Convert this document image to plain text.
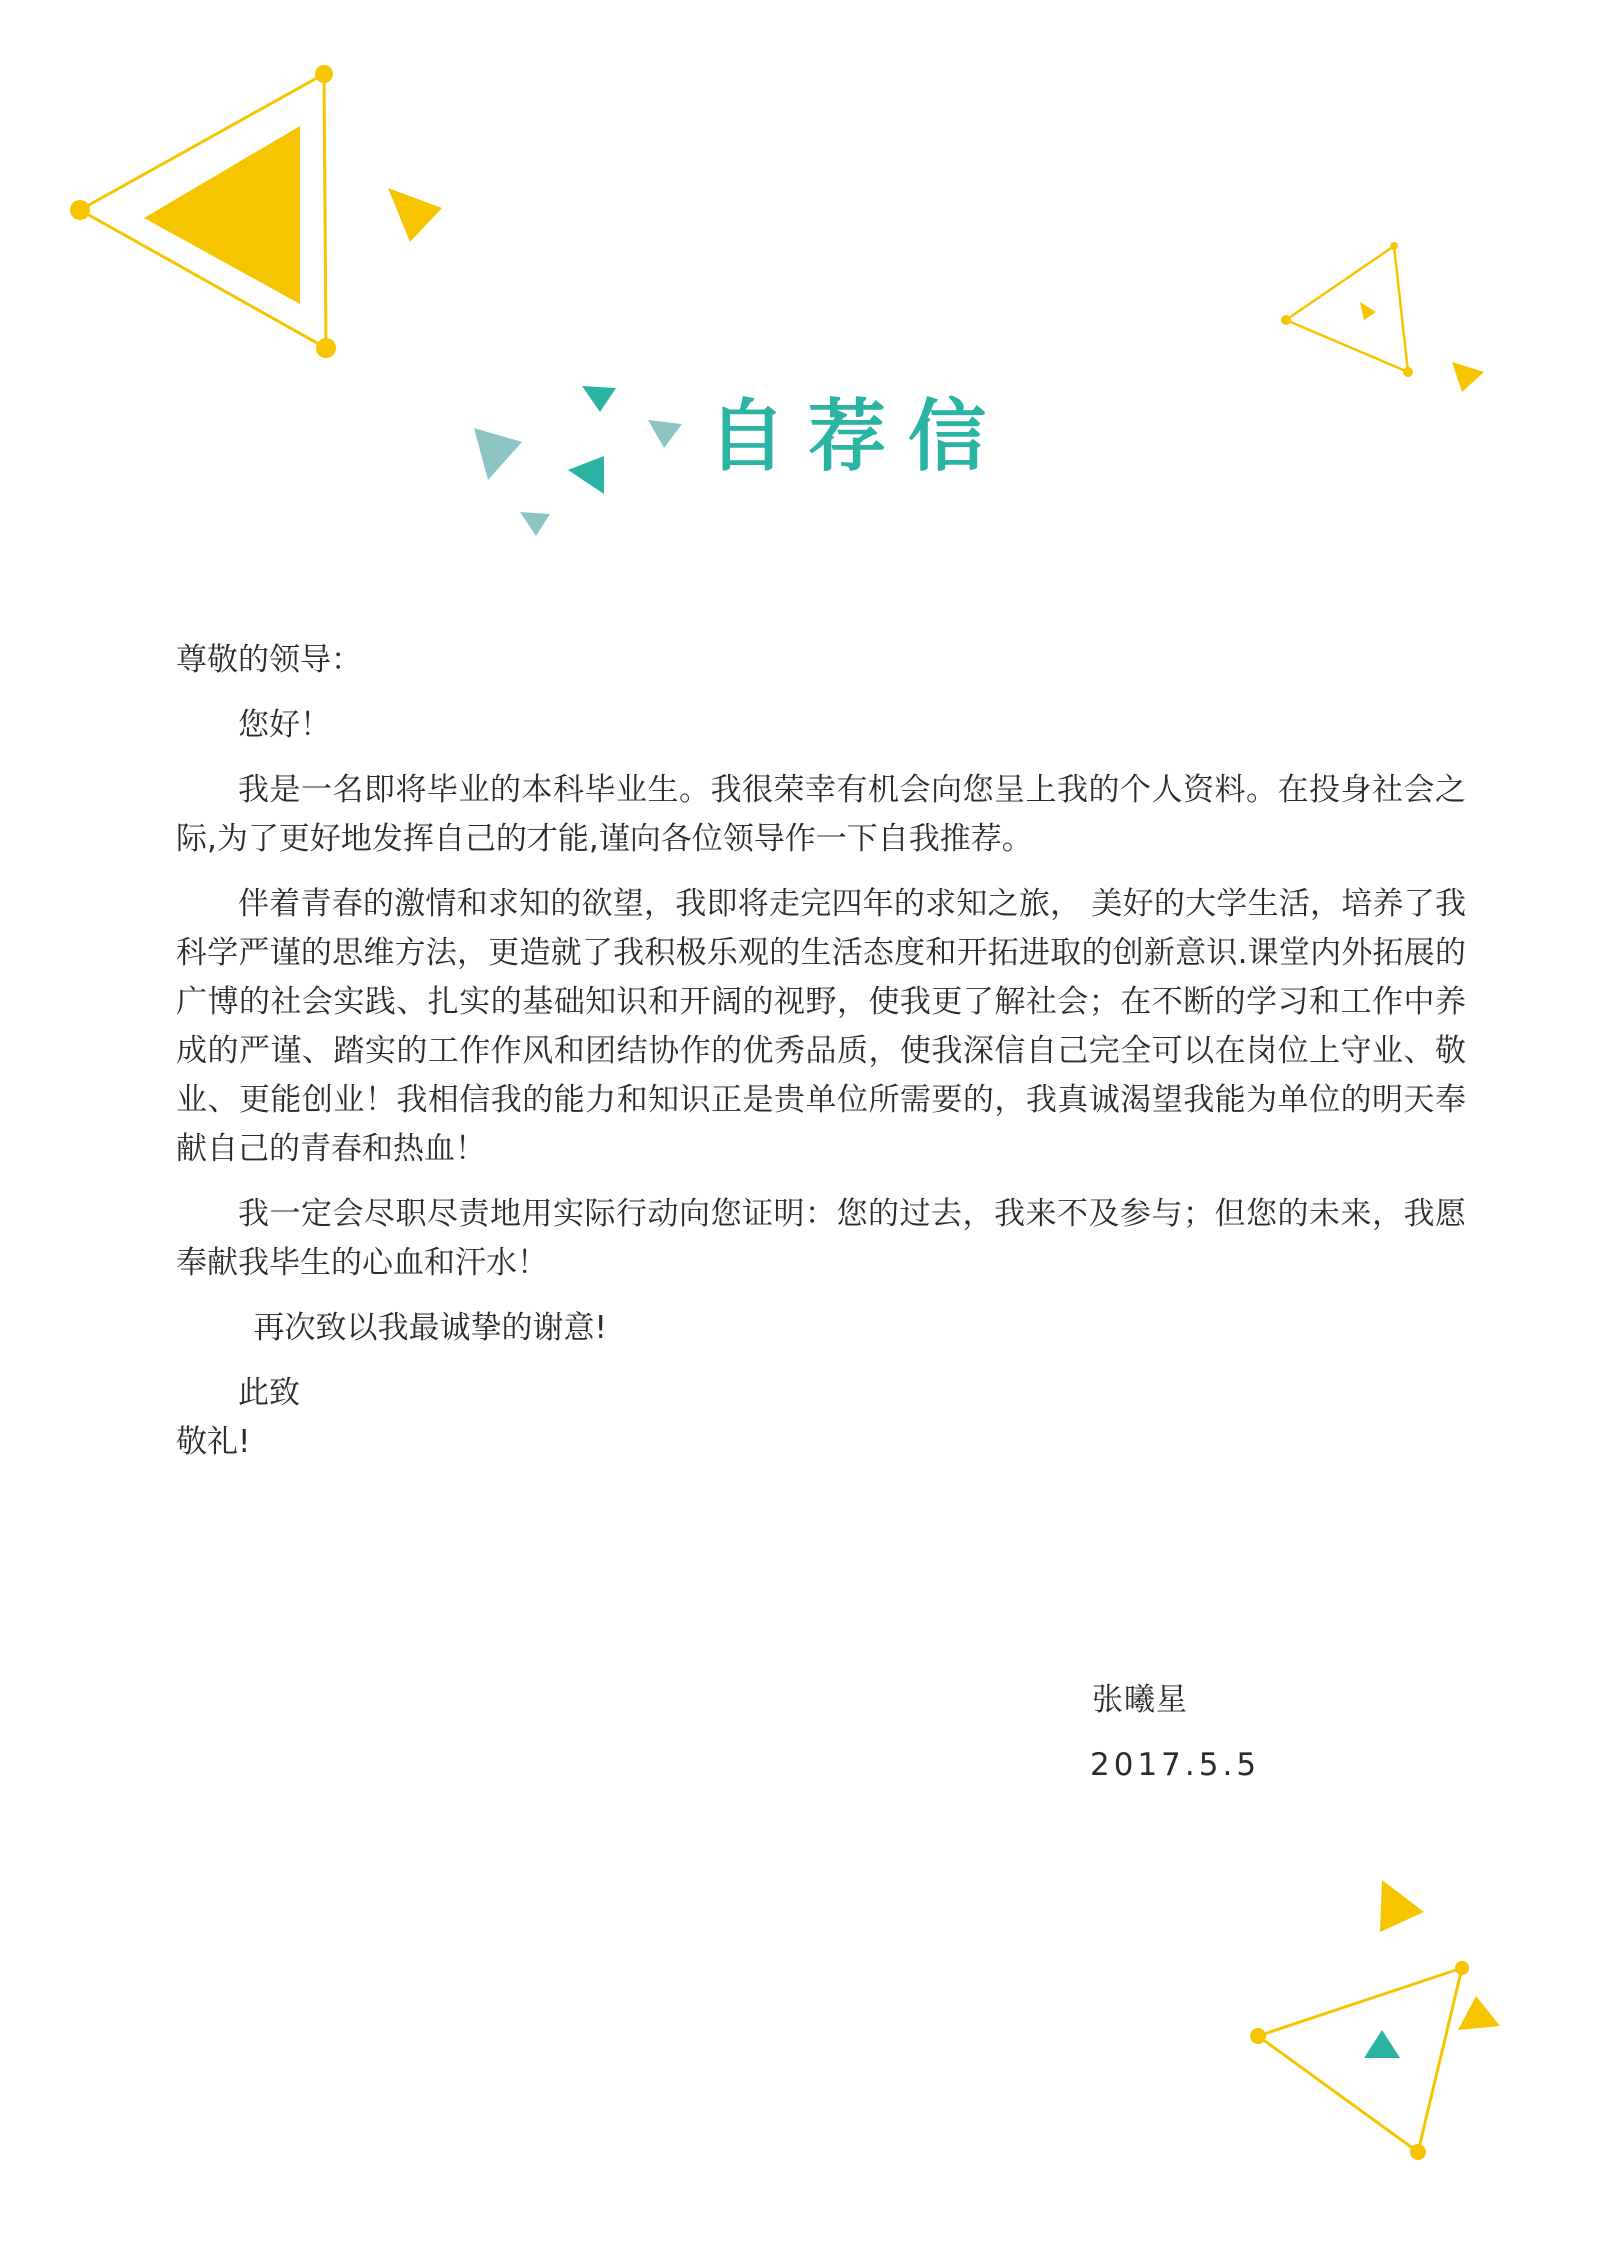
自荐信

尊敬的领导：

您好！

我是一名即将毕业的本科毕业生。我很荣幸有机会向您呈上我的个人资料。在投身社会之际,为了更好地发挥自己的才能,谨向各位领导作一下自我推荐。

伴着青春的激情和求知的欲望，我即将走完四年的求知之旅， 美好的大学生活，培养了我科学严谨的思维方法，更造就了我积极乐观的生活态度和开拓进取的创新意识.课堂内外拓展的广博的社会实践、扎实的基础知识和开阔的视野，使我更了解社会；在不断的学习和工作中养成的严谨、踏实的工作作风和团结协作的优秀品质，使我深信自己完全可以在岗位上守业、敬业、更能创业！我相信我的能力和知识正是贵单位所需要的，我真诚渴望我能为单位的明天奉献自己的青春和热血！

我一定会尽职尽责地用实际行动向您证明：您的过去，我来不及参与；但您的未来，我愿奉献我毕生的心血和汗水！

再次致以我最诚挚的谢意!

此致

敬礼!

张曦星
2017.5.5
